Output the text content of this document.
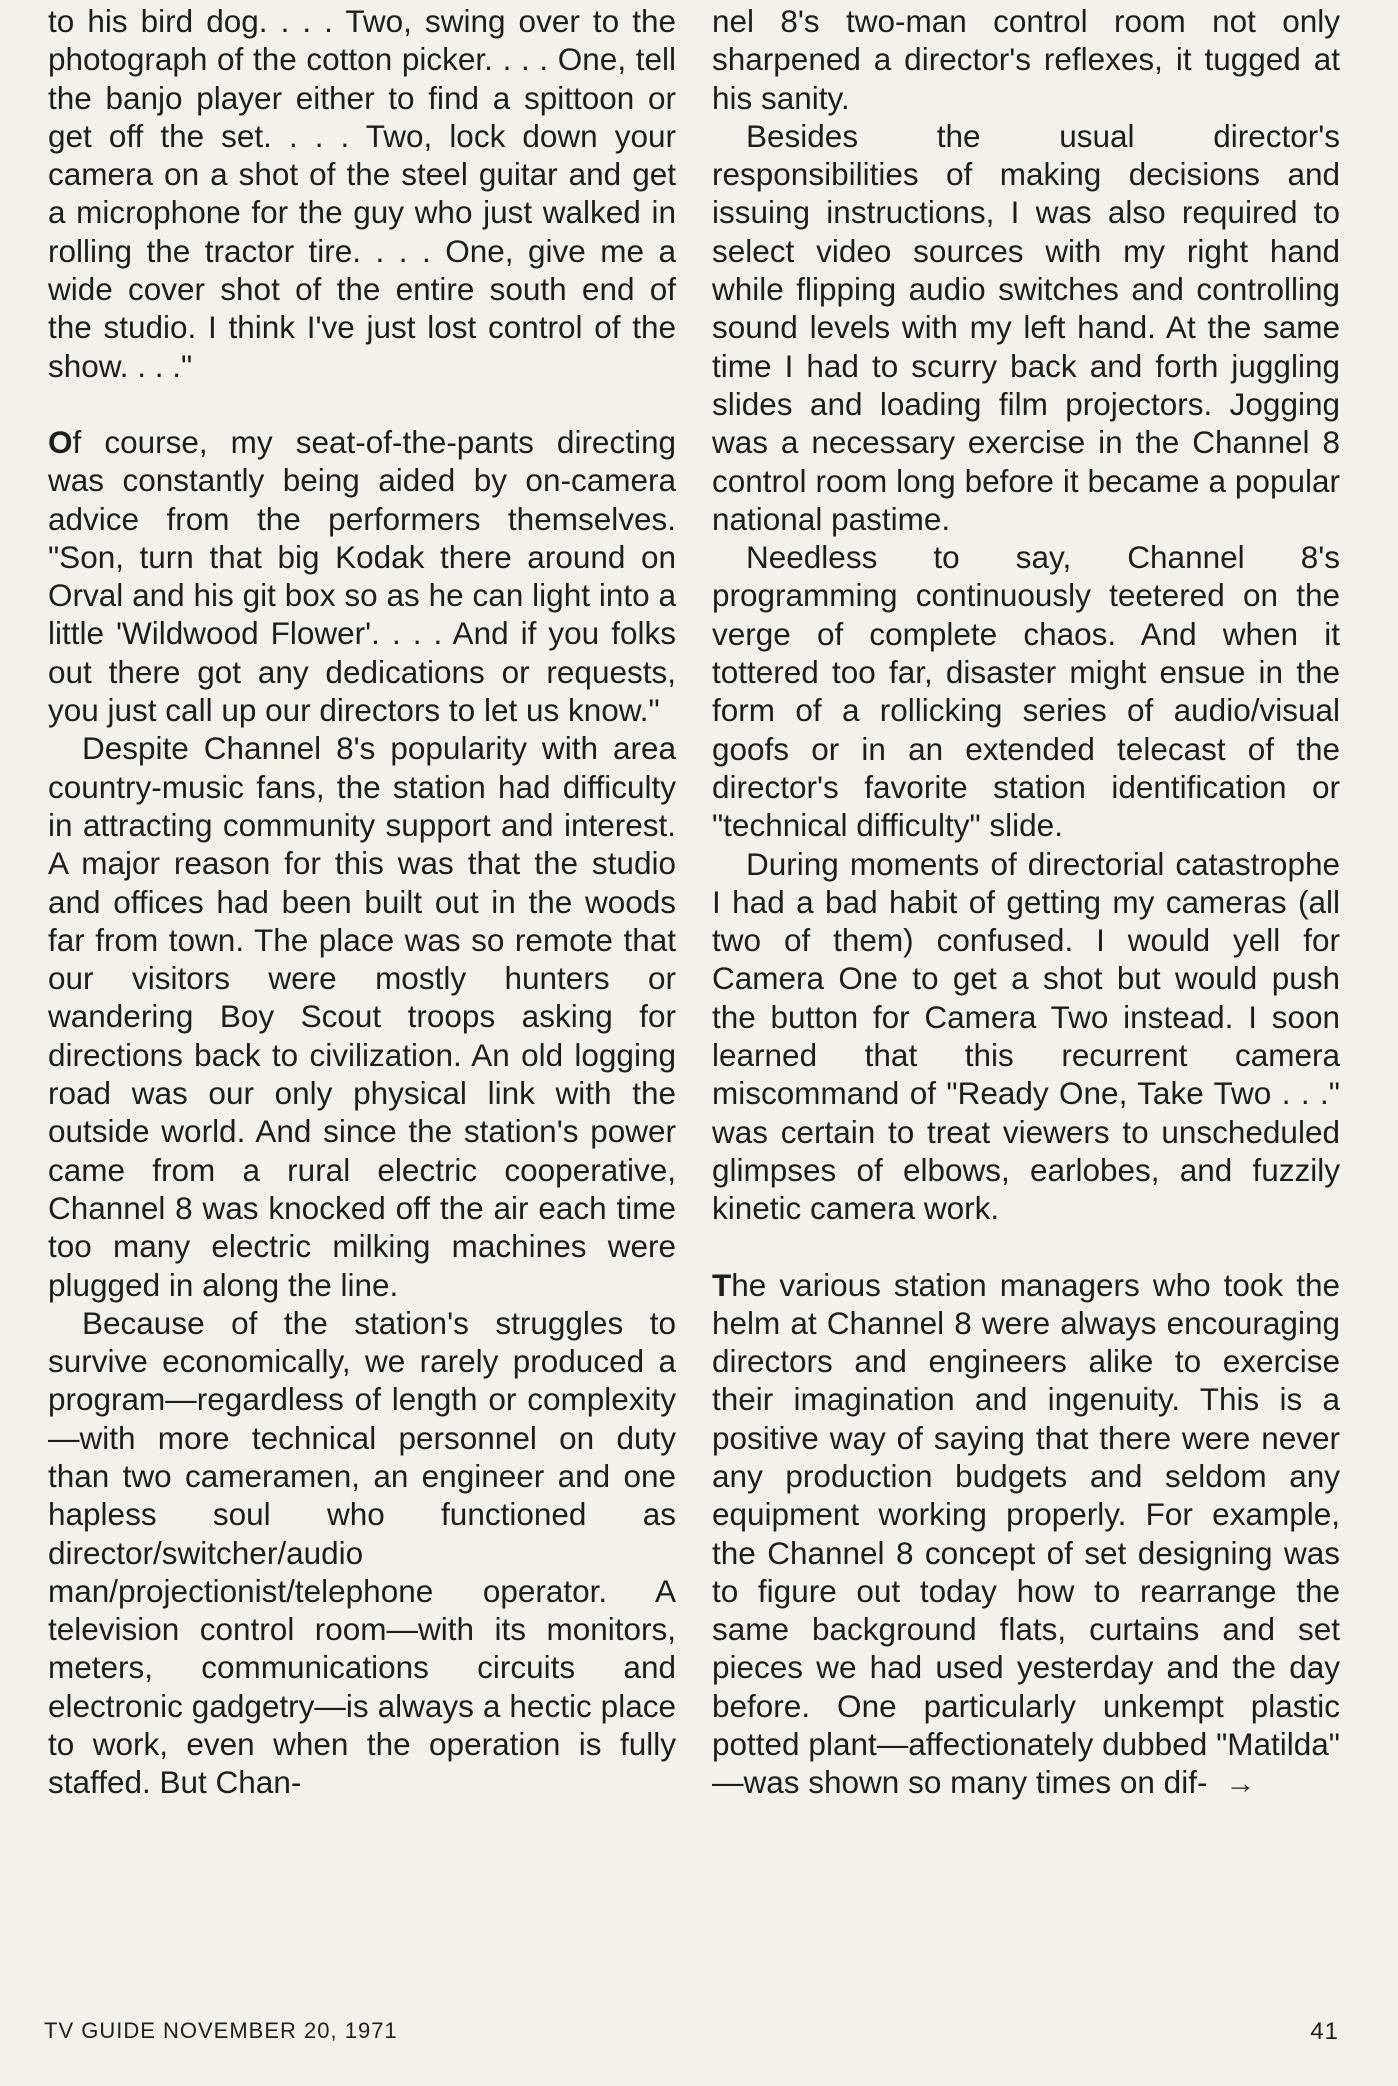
to his bird dog. . . . Two, swing over to the photograph of the cotton picker. . . . One, tell the banjo player either to find a spittoon or get off the set. . . . Two, lock down your camera on a shot of the steel guitar and get a microphone for the guy who just walked in rolling the tractor tire. . . . One, give me a wide cover shot of the entire south end of the studio. I think I've just lost control of the show. . . ."

Of course, my seat-of-the-pants directing was constantly being aided by on-camera advice from the performers themselves. "Son, turn that big Kodak there around on Orval and his git box so as he can light into a little 'Wildwood Flower'. . . . And if you folks out there got any dedications or requests, you just call up our directors to let us know."

Despite Channel 8's popularity with area country-music fans, the station had difficulty in attracting community support and interest. A major reason for this was that the studio and offices had been built out in the woods far from town. The place was so remote that our visitors were mostly hunters or wandering Boy Scout troops asking for directions back to civilization. An old logging road was our only physical link with the outside world. And since the station's power came from a rural electric cooperative, Channel 8 was knocked off the air each time too many electric milking machines were plugged in along the line.

Because of the station's struggles to survive economically, we rarely produced a program—regardless of length or complexity—with more technical personnel on duty than two cameramen, an engineer and one hapless soul who functioned as director/switcher/audio man/projectionist/telephone operator. A television control room—with its monitors, meters, communications circuits and electronic gadgetry—is always a hectic place to work, even when the operation is fully staffed. But Chan-

nel 8's two-man control room not only sharpened a director's reflexes, it tugged at his sanity.

Besides the usual director's responsibilities of making decisions and issuing instructions, I was also required to select video sources with my right hand while flipping audio switches and controlling sound levels with my left hand. At the same time I had to scurry back and forth juggling slides and loading film projectors. Jogging was a necessary exercise in the Channel 8 control room long before it became a popular national pastime.

Needless to say, Channel 8's programming continuously teetered on the verge of complete chaos. And when it tottered too far, disaster might ensue in the form of a rollicking series of audio/visual goofs or in an extended telecast of the director's favorite station identification or "technical difficulty" slide.

During moments of directorial catastrophe I had a bad habit of getting my cameras (all two of them) confused. I would yell for Camera One to get a shot but would push the button for Camera Two instead. I soon learned that this recurrent camera miscommand of "Ready One, Take Two . . ." was certain to treat viewers to unscheduled glimpses of elbows, earlobes, and fuzzily kinetic camera work.

The various station managers who took the helm at Channel 8 were always encouraging directors and engineers alike to exercise their imagination and ingenuity. This is a positive way of saying that there were never any production budgets and seldom any equipment working properly. For example, the Channel 8 concept of set designing was to figure out today how to rearrange the same background flats, curtains and set pieces we had used yesterday and the day before. One particularly unkempt plastic potted plant—affectionately dubbed "Matilda" —was shown so many times on dif- →

TV GUIDE NOVEMBER 20, 1971	41
